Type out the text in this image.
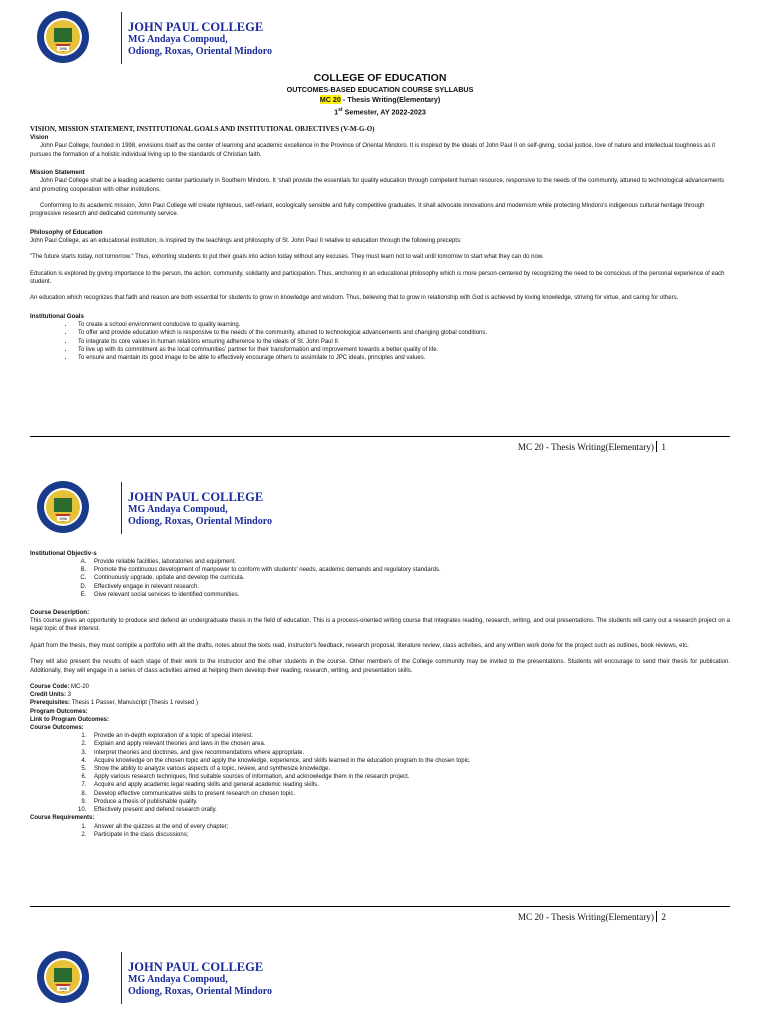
1998
JOHN PAUL COLLEGE
MG Andaya Compoud,
Odiong, Roxas, Oriental Mindoro
COLLEGE OF EDUCATION
OUTCOMES-BASED EDUCATION COURSE SYLLABUS
MC 20 - Thesis Writing(Elementary)
1st Semester, AY 2022-2023
VISION, MISSION STATEMENT, INSTITUTIONAL GOALS AND INSTITUTIONAL OBJECTIVES (V-M-G-O)
Vision

John Paul College, founded in 1998, envisions itself as the center of learning and academic excellence in the Province of Oriental Mindoro. It is inspired by the ideals of John Paul II on self-giving, social justice, love of nature and intellectual toughness as it pursues the formation of a holistic individual living up to the standards of Christian faith.

Mission Statement

John Paul College shall be a leading academic center particularly in Southern Mindoro. It 'shall provide the essentials for quality education through competent human resource, responsive to the needs of the community, attuned to technological advancements and promoting cooperation with other institutions.

Conforming to its academic mission, John Paul College will create righteous, self-reliant, ecologically sensible and fully competitive graduates. It shall advocate innovations and modernism while protecting Mindoro's indigenous cultural heritage through progressive research and dedicated community service.

Philosophy of Education

John Paul College, as an educational institution, is inspired by the teachings and philosophy of St. John Paul II relative to education through the following precepts:

"The future starts today, not tomorrow." Thus, exhorting students to put their goals into action today without any excuses. They must learn not to wait until tomorrow to start what they can do now.

Education is explored by giving importance to the person, the action, community, solidarity and participation. Thus, anchoring in an educational philosophy which is more person-centered by recognizing the need to be conscious of the personal experience of each student.

An education which recognizes that faith and reason are both essential for students to grow in knowledge and wisdom. Thus, believing that to grow in relationship with God is achieved by loving knowledge, striving for virtue, and caring for others.

Institutional Goals
• To create a school environment conducive to quality learning.
• To offer and provide education which is responsive to the needs of the community, attuned to technological advancements and changing global conditions.
• To integrate its core values in human relations ensuring adherence to the ideals of St. John Paul II.
• To live up with its commitment as the local communities' partner for their transformation and improvement towards a better quality of life.
• To ensure and maintain its good image to be able to effectively encourage others to assimilate to JPC ideals, principles and values.
MC 20 - Thesis Writing(Elementary) 1
1998
JOHN PAUL COLLEGE
MG Andaya Compoud,
Odiong, Roxas, Oriental Mindoro
Institutional Objectiv·s
A. Provide reliable facilities, laboratories and equipment.
B. Promote the continuous development of manpower to conform with students' needs, academic demands and regulatory standards.
C. Continuously upgrade, update and develop the curricula.
D. Effectively engage in relevant research.
E. Give relevant social services to identified communities.
Course Description:

This course gives an opportunity to produce and defend an undergraduate thesis in the field of education. This is a process-oriented writing course that integrates reading, research, writing, and oral presentations. The students will carry out a research project on a legal topic of their interest.

Apart from the thesis, they must compile a portfolio with all the drafts, notes about the texts read, instructor's feedback, research proposal, literature review, class activities, and any written work done for the project such as outlines, book reviews, etc.

They will also present the results of each stage of their work to the instructor and the other students in the course. Other members of the College community may be invited to the presentations. Students will encourage to send their thesis for publication. Additionally, they will engage in a series of class activities aimed at helping them develop their reading, research, writing, and presentation skills.

Course Code: MC-20
Credit Units: 3
Prerequisites: Thesis 1 Passer, Manuscript (Thesis 1 revised )
Program Outcomes:
Link to Program Outcomes:
Course Outcomes:
1. Provide an in-depth exploration of a topic of special interest.
2. Explain and apply relevant theories and laws in the chosen area.
3. Interpret theories and doctrines, and give recommendations where appropriate.
4. Acquire knowledge on the chosen topic and apply the knowledge, experience, and skills learned in the education program to the chosen topic.
5. Show the ability to analyze various aspects of a topic, review, and synthesize knowledge.
6. Apply various research techniques, find suitable sources of information, and acknowledge them in the research project.
7. Acquire and apply academic legal reading skills and general academic reading skills.
8. Develop effective communicative skills to present research on chosen topic.
9. Produce a thesis of publishable quality.
10. Effectively present and defend research orally.
Course Requirements:
1. Answer all the quizzes at the end of every chapter;
2. Participate in the class discussions;
MC 20 - Thesis Writing(Elementary) 2
1998
JOHN PAUL COLLEGE
MG Andaya Compoud,
Odiong, Roxas, Oriental Mindoro
